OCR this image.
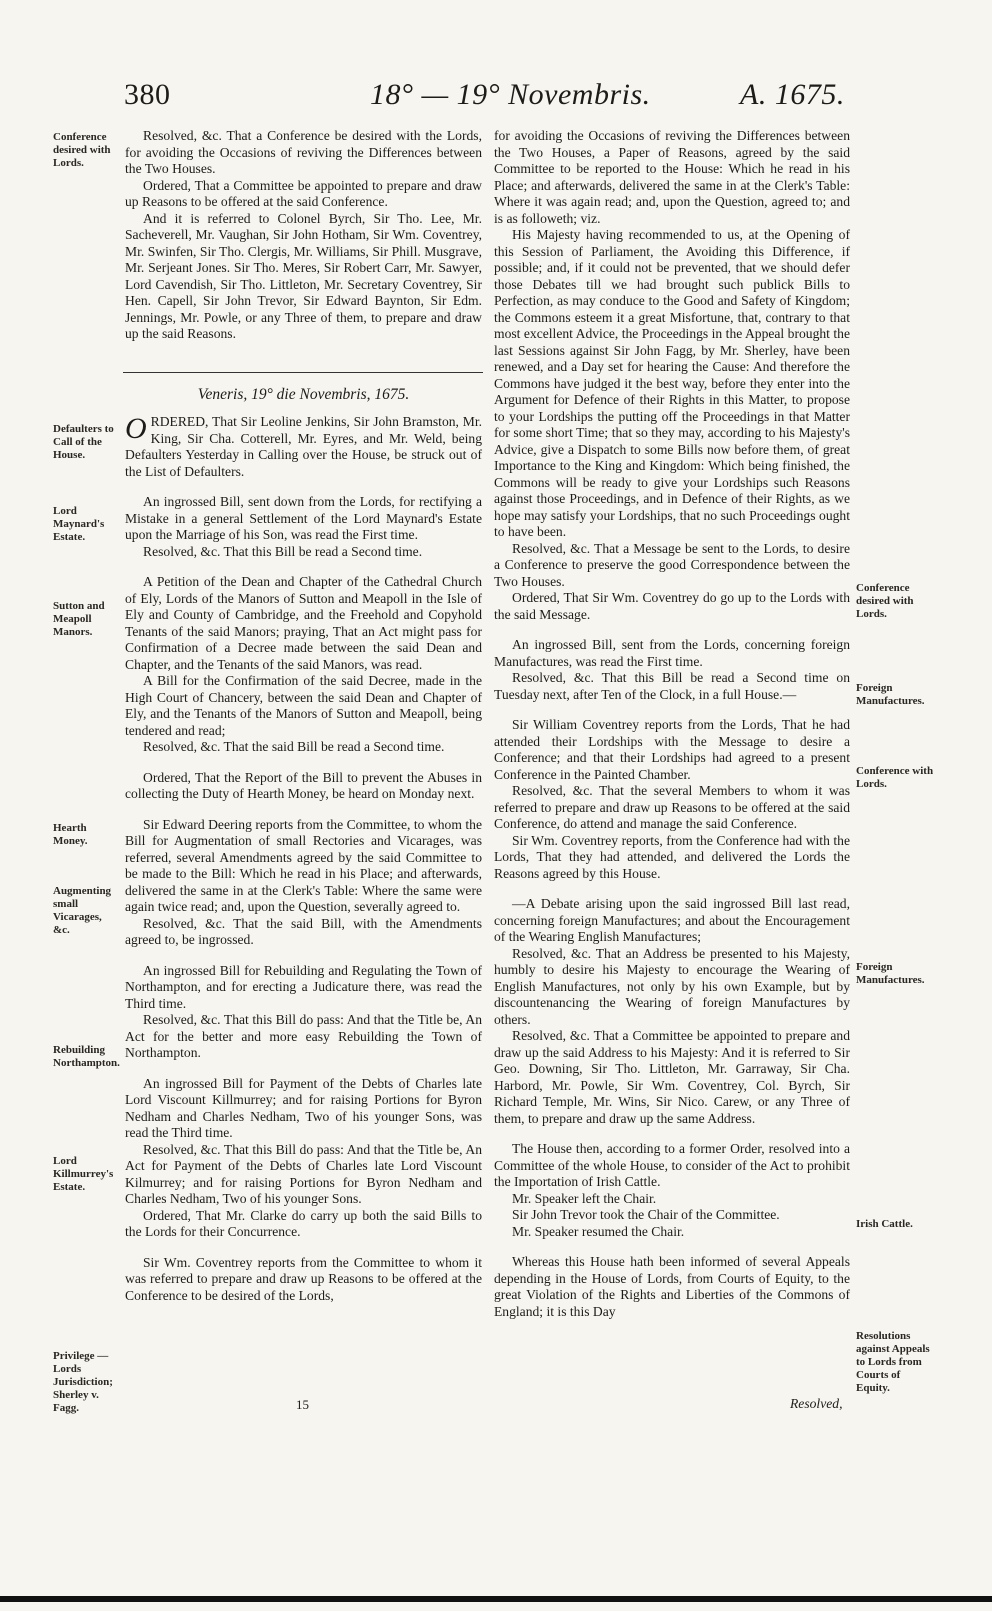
380	18° — 19° Novembris.	A. 1675.
Conference desired with Lords.
Defaulters to Call of the House.
Lord Maynard's Estate.
Sutton and Meapoll Manors.
Hearth Money.
Augmenting small Vicarages, &c.
Rebuilding Northampton.
Lord Killmurrey's Estate.
Privilege — Lords Jurisdiction; Sherley v. Fagg.
Conference desired with Lords.
Foreign Manufactures.
Conference with Lords.
Foreign Manufactures.
Irish Cattle.
Resolutions against Appeals to Lords from Courts of Equity.

Resolved, &c. That a Conference be desired with the Lords, for avoiding the Occasions of reviving the Differences between the Two Houses.

Ordered, That a Committee be appointed to prepare and draw up Reasons to be offered at the said Conference.

And it is referred to Colonel Byrch, Sir Tho. Lee, Mr. Sacheverell, Mr. Vaughan, Sir John Hotham, Sir Wm. Coventrey, Mr. Swinfen, Sir Tho. Clergis, Mr. Williams, Sir Phill. Musgrave, Mr. Serjeant Jones. Sir Tho. Meres, Sir Robert Carr, Mr. Sawyer, Lord Cavendish, Sir Tho. Littleton, Mr. Secretary Coventrey, Sir Hen. Capell, Sir John Trevor, Sir Edward Baynton, Sir Edm. Jennings, Mr. Powle, or any Three of them, to prepare and draw up the said Reasons.

Veneris, 19° die Novembris, 1675.

ORDERED, That Sir Leoline Jenkins, Sir John Bramston, Mr. King, Sir Cha. Cotterell, Mr. Eyres, and Mr. Weld, being Defaulters Yesterday in Calling over the House, be struck out of the List of Defaulters.

An ingrossed Bill, sent down from the Lords, for rectifying a Mistake in a general Settlement of the Lord Maynard's Estate upon the Marriage of his Son, was read the First time.

Resolved, &c. That this Bill be read a Second time.

A Petition of the Dean and Chapter of the Cathedral Church of Ely, Lords of the Manors of Sutton and Meapoll in the Isle of Ely and County of Cambridge, and the Freehold and Copyhold Tenants of the said Manors; praying, That an Act might pass for Confirmation of a Decree made between the said Dean and Chapter, and the Tenants of the said Manors, was read.

A Bill for the Confirmation of the said Decree, made in the High Court of Chancery, between the said Dean and Chapter of Ely, and the Tenants of the Manors of Sutton and Meapoll, being tendered and read;

Resolved, &c. That the said Bill be read a Second time.

Ordered, That the Report of the Bill to prevent the Abuses in collecting the Duty of Hearth Money, be heard on Monday next.

Sir Edward Deering reports from the Committee, to whom the Bill for Augmentation of small Rectories and Vicarages, was referred, several Amendments agreed by the said Committee to be made to the Bill: Which he read in his Place; and afterwards, delivered the same in at the Clerk's Table: Where the same were again twice read; and, upon the Question, severally agreed to.

Resolved, &c. That the said Bill, with the Amendments agreed to, be ingrossed.

An ingrossed Bill for Rebuilding and Regulating the Town of Northampton, and for erecting a Judicature there, was read the Third time.

Resolved, &c. That this Bill do pass: And that the Title be, An Act for the better and more easy Rebuilding the Town of Northampton.

An ingrossed Bill for Payment of the Debts of Charles late Lord Viscount Killmurrey; and for raising Portions for Byron Nedham and Charles Nedham, Two of his younger Sons, was read the Third time.

Resolved, &c. That this Bill do pass: And that the Title be, An Act for Payment of the Debts of Charles late Lord Viscount Kilmurrey; and for raising Portions for Byron Nedham and Charles Nedham, Two of his younger Sons.

Ordered, That Mr. Clarke do carry up both the said Bills to the Lords for their Concurrence.

Sir Wm. Coventrey reports from the Committee to whom it was referred to prepare and draw up Reasons to be offered at the Conference to be desired of the Lords,

for avoiding the Occasions of reviving the Differences between the Two Houses, a Paper of Reasons, agreed by the said Committee to be reported to the House: Which he read in his Place; and afterwards, delivered the same in at the Clerk's Table: Where it was again read; and, upon the Question, agreed to; and is as followeth; viz.

His Majesty having recommended to us, at the Opening of this Session of Parliament, the Avoiding this Difference, if possible; and, if it could not be prevented, that we should defer those Debates till we had brought such publick Bills to Perfection, as may conduce to the Good and Safety of Kingdom; the Commons esteem it a great Misfortune, that, contrary to that most excellent Advice, the Proceedings in the Appeal brought the last Sessions against Sir John Fagg, by Mr. Sherley, have been renewed, and a Day set for hearing the Cause: And therefore the Commons have judged it the best way, before they enter into the Argument for Defence of their Rights in this Matter, to propose to your Lordships the putting off the Proceedings in that Matter for some short Time; that so they may, according to his Majesty's Advice, give a Dispatch to some Bills now before them, of great Importance to the King and Kingdom: Which being finished, the Commons will be ready to give your Lordships such Reasons against those Proceedings, and in Defence of their Rights, as we hope may satisfy your Lordships, that no such Proceedings ought to have been.

Resolved, &c. That a Message be sent to the Lords, to desire a Conference to preserve the good Correspondence between the Two Houses.

Ordered, That Sir Wm. Coventrey do go up to the Lords with the said Message.

An ingrossed Bill, sent from the Lords, concerning foreign Manufactures, was read the First time.

Resolved, &c. That this Bill be read a Second time on Tuesday next, after Ten of the Clock, in a full House.—

Sir William Coventrey reports from the Lords, That he had attended their Lordships with the Message to desire a Conference; and that their Lordships had agreed to a present Conference in the Painted Chamber.

Resolved, &c. That the several Members to whom it was referred to prepare and draw up Reasons to be offered at the said Conference, do attend and manage the said Conference.

Sir Wm. Coventrey reports, from the Conference had with the Lords, That they had attended, and delivered the Lords the Reasons agreed by this House.

—A Debate arising upon the said ingrossed Bill last read, concerning foreign Manufactures; and about the Encouragement of the Wearing English Manufactures;

Resolved, &c. That an Address be presented to his Majesty, humbly to desire his Majesty to encourage the Wearing of English Manufactures, not only by his own Example, but by discountenancing the Wearing of foreign Manufactures by others.

Resolved, &c. That a Committee be appointed to prepare and draw up the said Address to his Majesty: And it is referred to Sir Geo. Downing, Sir Tho. Littleton, Mr. Garraway, Sir Cha. Harbord, Mr. Powle, Sir Wm. Coventrey, Col. Byrch, Sir Richard Temple, Mr. Wins, Sir Nico. Carew, or any Three of them, to prepare and draw up the same Address.

The House then, according to a former Order, resolved into a Committee of the whole House, to consider of the Act to prohibit the Importation of Irish Cattle.

Mr. Speaker left the Chair.

Sir John Trevor took the Chair of the Committee.

Mr. Speaker resumed the Chair.

Whereas this House hath been informed of several Appeals depending in the House of Lords, from Courts of Equity, to the great Violation of the Rights and Liberties of the Commons of England; it is this Day

15	Resolved,
